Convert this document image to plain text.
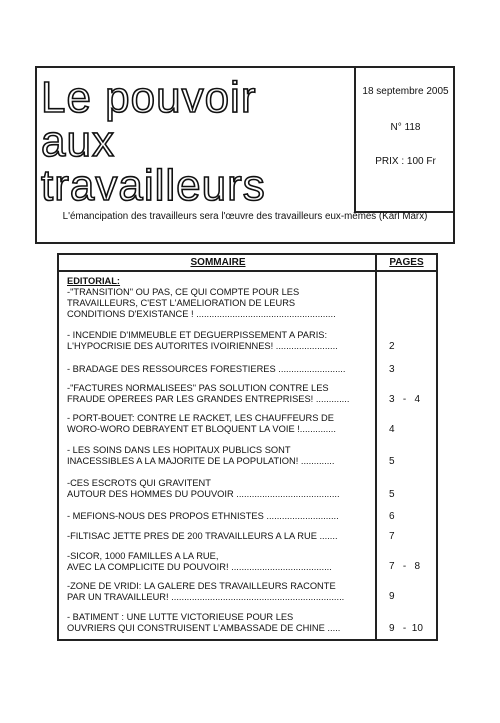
Le pouvoir
aux
travailleurs
18 septembre 2005
N° 118
PRIX : 100 Fr
L'émancipation des travailleurs sera l'œuvre des travailleurs eux-mêmes (Karl Marx)
SOMMAIRE	PAGES
EDITORIAL:
-"TRANSITION" OU PAS, CE QUI COMPTE POUR LES
TRAVAILLEURS, C'EST L'AMELIORATION DE LEURS
CONDITIONS D'EXISTANCE ! ......................................................
- INCENDIE D'IMMEUBLE ET DEGUERPISSEMENT A PARIS:
L'HYPOCRISIE DES AUTORITES IVOIRIENNES! ........................	2
- BRADAGE DES RESSOURCES FORESTIERES ..........................	3
-"FACTURES NORMALISEES" PAS SOLUTION CONTRE LES
FRAUDE OPEREES PAR LES GRANDES ENTREPRISES! .............	3   -   4
- PORT-BOUET: CONTRE LE RACKET, LES CHAUFFEURS DE
WORO-WORO DEBRAYENT ET BLOQUENT LA VOIE !..............	4
- LES SOINS DANS LES HOPITAUX PUBLICS SONT
INACESSIBLES A LA MAJORITE DE LA POPULATION! .............	5
-CES ESCROTS QUI GRAVITENT
AUTOUR DES HOMMES DU POUVOIR ........................................	5
- MEFIONS-NOUS DES PROPOS ETHNISTES ............................	6
-FILTISAC JETTE PRES DE 200 TRAVAILLEURS A LA RUE .......	7
-SICOR, 1000 FAMILLES A LA RUE,
AVEC LA COMPLICITE DU POUVOIR! .......................................	7   -   8
-ZONE DE VRIDI: LA GALERE DES TRAVAILLEURS RACONTE
PAR UN TRAVAILLEUR! ...................................................................	9
- BATIMENT : UNE LUTTE VICTORIEUSE POUR LES
OUVRIERS QUI CONSTRUISENT L'AMBASSADE DE CHINE .....	9   -  10
